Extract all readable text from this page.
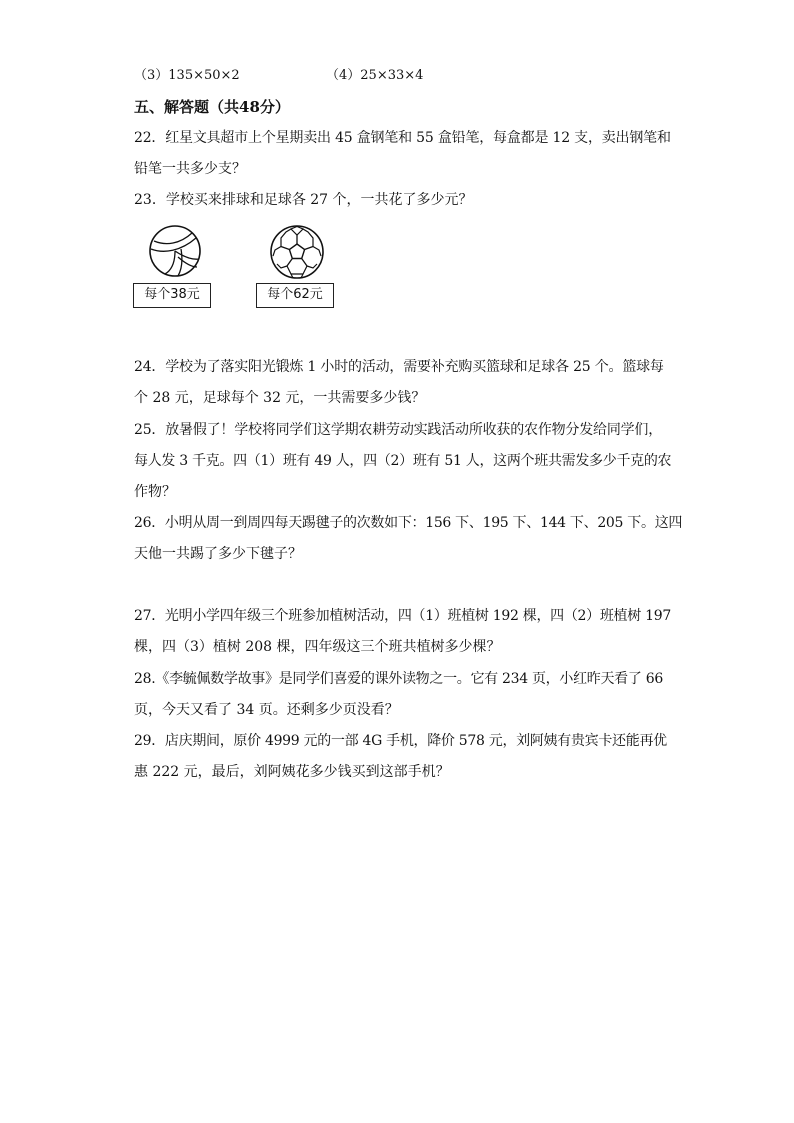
（3）135×50×2	（4）25×33×4
五、解答题（共48分）
22．红星文具超市上个星期卖出 45 盒钢笔和 55 盒铅笔，每盒都是 12 支，卖出钢笔和
铅笔一共多少支？
23．学校买来排球和足球各 27 个，一共花了多少元？
每个38元	每个62元
24．学校为了落实阳光锻炼 1 小时的活动，需要补充购买篮球和足球各 25 个。篮球每
个 28 元，足球每个 32 元，一共需要多少钱？
25．放暑假了！学校将同学们这学期农耕劳动实践活动所收获的农作物分发给同学们，
每人发 3 千克。四（1）班有 49 人，四（2）班有 51 人，这两个班共需发多少千克的农
作物？
26．小明从周一到周四每天踢毽子的次数如下：156 下、195 下、144 下、205 下。这四
天他一共踢了多少下毽子？
27．光明小学四年级三个班参加植树活动，四（1）班植树 192 棵，四（2）班植树 197
棵，四（3）植树 208 棵，四年级这三个班共植树多少棵？
28.《李毓佩数学故事》是同学们喜爱的课外读物之一。它有 234 页，小红昨天看了 66
页，今天又看了 34 页。还剩多少页没看？
29．店庆期间，原价 4999 元的一部 4G 手机，降价 578 元，刘阿姨有贵宾卡还能再优
惠 222 元，最后，刘阿姨花多少钱买到这部手机？
